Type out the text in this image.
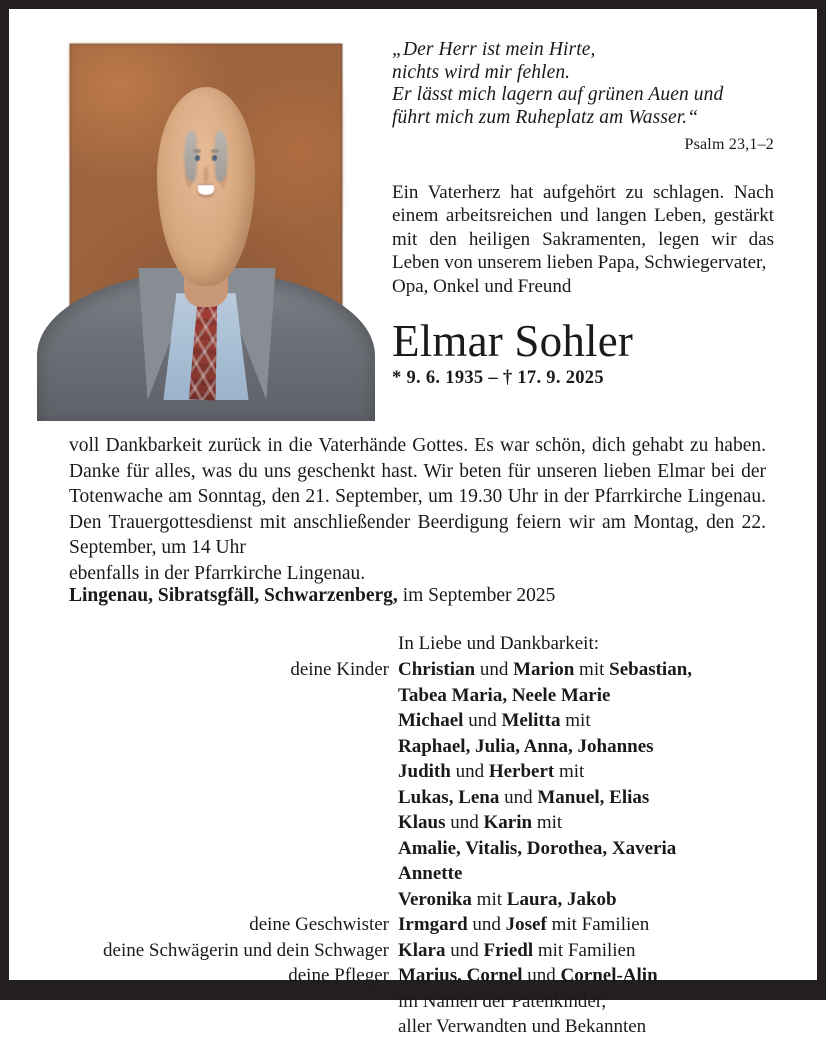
„Der Herr ist mein Hirte,
nichts wird mir fehlen.
Er lässt mich lagern auf grünen Auen und
führt mich zum Ruheplatz am Wasser.“
Psalm 23,1–2
Ein Vaterherz hat aufgehört zu schlagen. Nach einem arbeitsreichen und langen Leben, gestärkt mit den heiligen Sakramenten, legen wir das Leben von unserem lieben Papa, Schwiegervater,
Opa, Onkel und Freund
Elmar Sohler
* 9. 6. 1935 – † 17. 9. 2025
voll Dankbarkeit zurück in die Vaterhände Gottes. Es war schön, dich gehabt zu haben. Danke für alles, was du uns geschenkt hast. Wir beten für unseren lieben Elmar bei der Totenwache am Sonntag, den 21. September, um 19.30 Uhr in der Pfarrkirche Lingenau. Den Trauergottesdienst mit anschließender Beerdigung feiern wir am Montag, den 22. September, um 14 Uhr
ebenfalls in der Pfarrkirche Lingenau.
Lingenau, Sibratsgfäll, Schwarzenberg, im September 2025
In Liebe und Dankbarkeit:
deine Kinder Christian und Marion mit Sebastian,
Tabea Maria, Neele Marie
Michael und Melitta mit
Raphael, Julia, Anna, Johannes
Judith und Herbert mit
Lukas, Lena und Manuel, Elias
Klaus und Karin mit
Amalie, Vitalis, Dorothea, Xaveria
Annette
Veronika mit Laura, Jakob
deine Geschwister Irmgard und Josef mit Familien
deine Schwägerin und dein Schwager Klara und Friedl mit Familien
deine Pfleger Marius, Cornel und Cornel-Alin
im Namen der Patenkinder,
aller Verwandten und Bekannten
